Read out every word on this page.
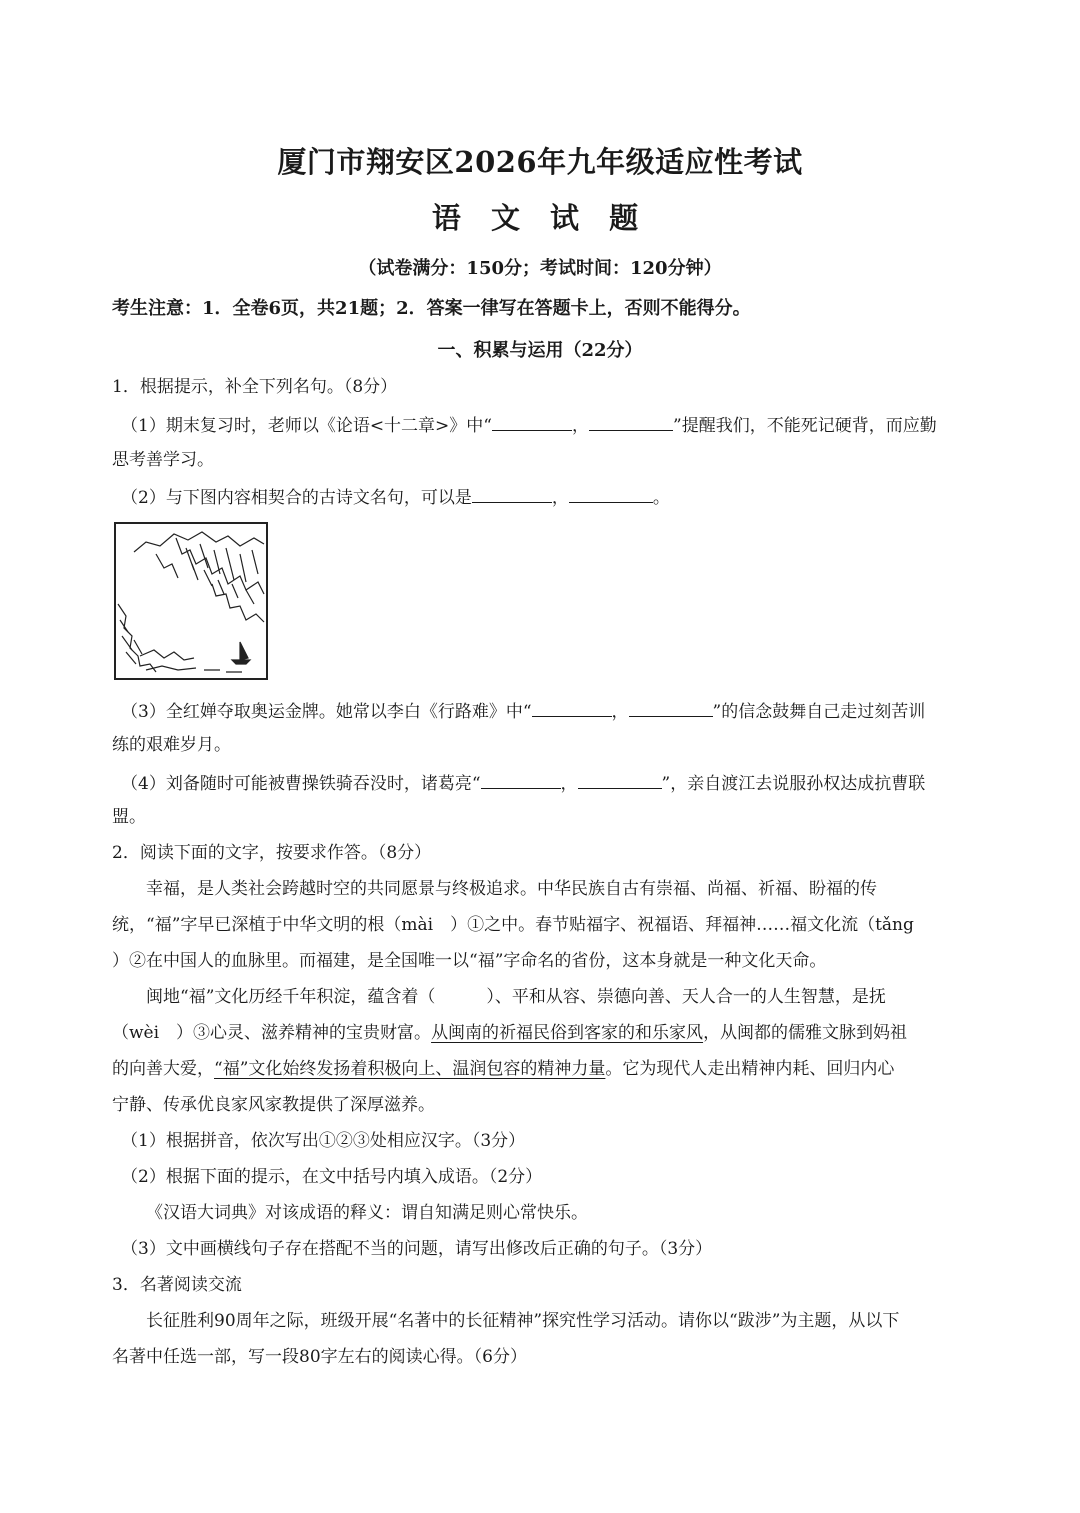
厦门市翔安区2026年九年级适应性考试
语 文 试 题
（试卷满分：150分；考试时间：120分钟）
考生注意：1．全卷6页，共21题；2．答案一律写在答题卡上，否则不能得分。
一、积累与运用（22分）
1．根据提示，补全下列名句。（8分）
（1）期末复习时，老师以《论语<十二章>》中“	，	”提醒我们，不能死记硬背，而应勤
思考善学习。
（2）与下图内容相契合的古诗文名句，可以是	，	。
（3）全红婵夺取奥运金牌。她常以李白《行路难》中“	，	”的信念鼓舞自己走过刻苦训
练的艰难岁月。
（4）刘备随时可能被曹操铁骑吞没时，诸葛亮“	，	”，亲自渡江去说服孙权达成抗曹联
盟。
2．阅读下面的文字，按要求作答。（8分）
幸福，是人类社会跨越时空的共同愿景与终极追求。中华民族自古有崇福、尚福、祈福、盼福的传
统，“福”字早已深植于中华文明的根（mài　）①之中。春节贴福字、祝福语、拜福神……福文化流（tǎng
）②在中国人的血脉里。而福建，是全国唯一以“福”字命名的省份，这本身就是一种文化天命。
闽地“福”文化历经千年积淀，蕴含着（　　　）、平和从容、崇德向善、天人合一的人生智慧，是抚
（wèi　）③心灵、滋养精神的宝贵财富。从闽南的祈福民俗到客家的和乐家风，从闽都的儒雅文脉到妈祖
的向善大爱，“福”文化始终发扬着积极向上、温润包容的精神力量。它为现代人走出精神内耗、回归内心
宁静、传承优良家风家教提供了深厚滋养。
（1）根据拼音，依次写出①②③处相应汉字。（3分）
（2）根据下面的提示，在文中括号内填入成语。（2分）
《汉语大词典》对该成语的释义：谓自知满足则心常快乐。
（3）文中画横线句子存在搭配不当的问题，请写出修改后正确的句子。（3分）
3．名著阅读交流
长征胜利90周年之际，班级开展“名著中的长征精神”探究性学习活动。请你以“跋涉”为主题，从以下
名著中任选一部，写一段80字左右的阅读心得。（6分）
